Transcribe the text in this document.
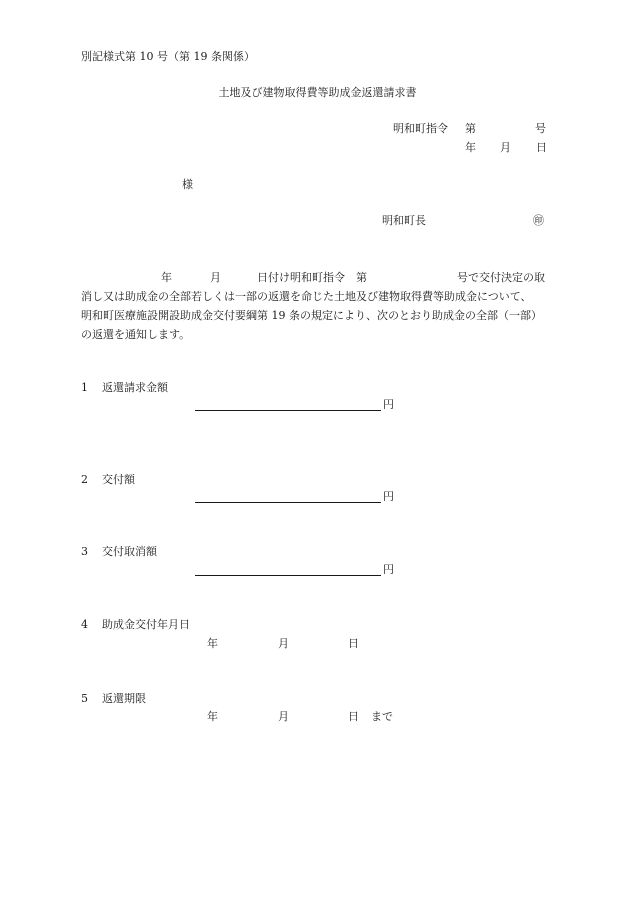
別記様式第 10 号（第 19 条関係）
土地及び建物取得費等助成金返還請求書
明和町指令 第	号
年 月 日
様
明和町長	㊞
年	月	日付け明和町指令　第	号で交付決定の取
消し又は助成金の全部若しくは一部の返還を命じた土地及び建物取得費等助成金について、
明和町医療施設開設助成金交付要綱第 19 条の規定により、次のとおり助成金の全部（一部）
の返還を通知します。
1 返還請求金額
円
2 交付額
円
3 交付取消額
円
4 助成金交付年月日
年	月	日
5 返還期限
年	月	日 まで
